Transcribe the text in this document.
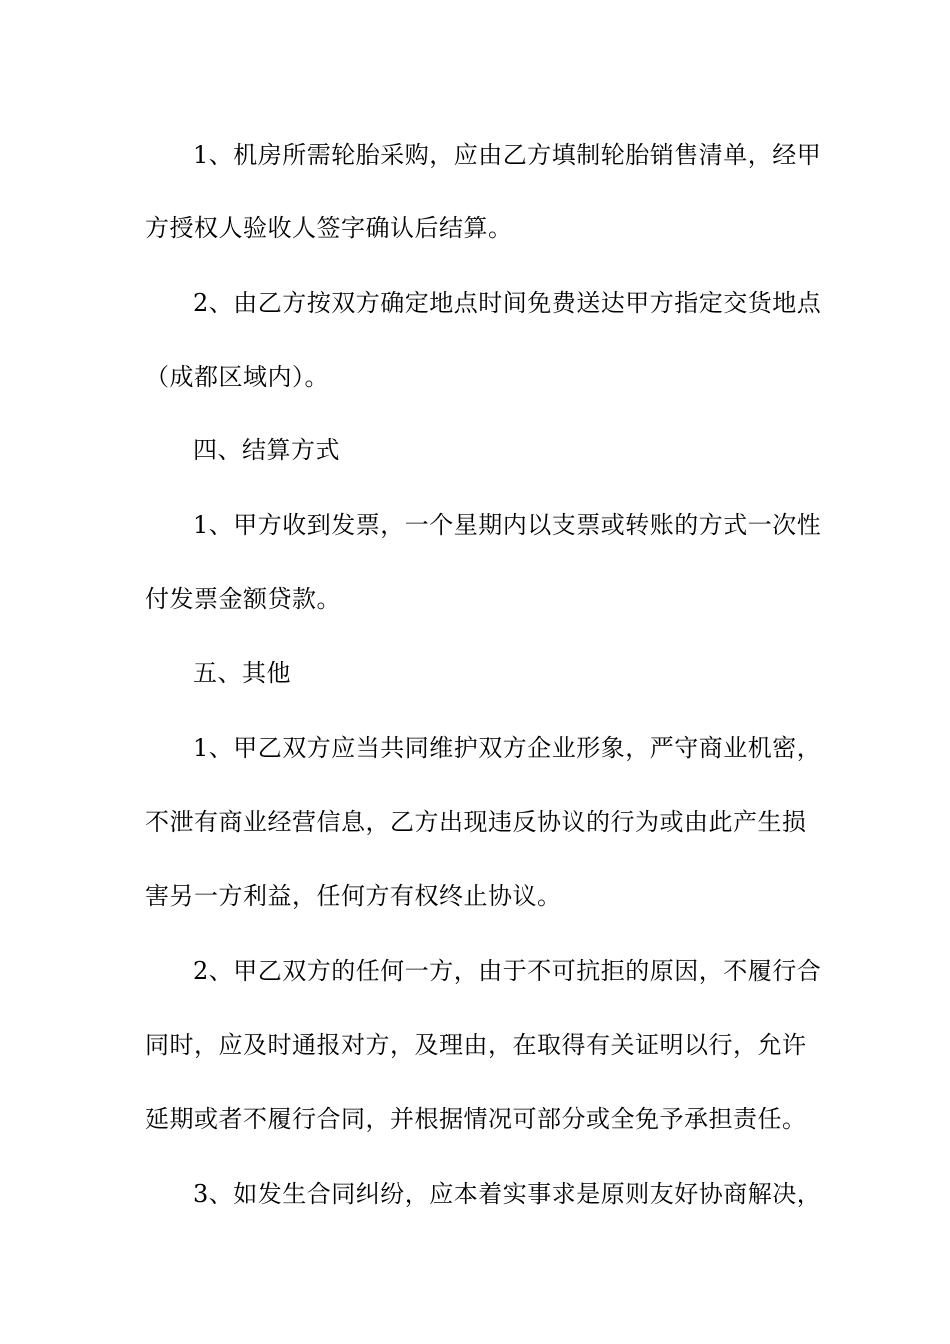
1、机房所需轮胎采购，应由乙方填制轮胎销售清单，经甲
方授权人验收人签字确认后结算。
2、由乙方按双方确定地点时间免费送达甲方指定交货地点
（成都区域内）。
四、结算方式
1、甲方收到发票，一个星期内以支票或转账的方式一次性
付发票金额贷款。
五、其他
1、甲乙双方应当共同维护双方企业形象，严守商业机密，
不泄有商业经营信息，乙方出现违反协议的行为或由此产生损
害另一方利益，任何方有权终止协议。
2、甲乙双方的任何一方，由于不可抗拒的原因，不履行合
同时，应及时通报对方，及理由，在取得有关证明以行，允许
延期或者不履行合同，并根据情况可部分或全免予承担责任。
3、如发生合同纠纷，应本着实事求是原则友好协商解决，
